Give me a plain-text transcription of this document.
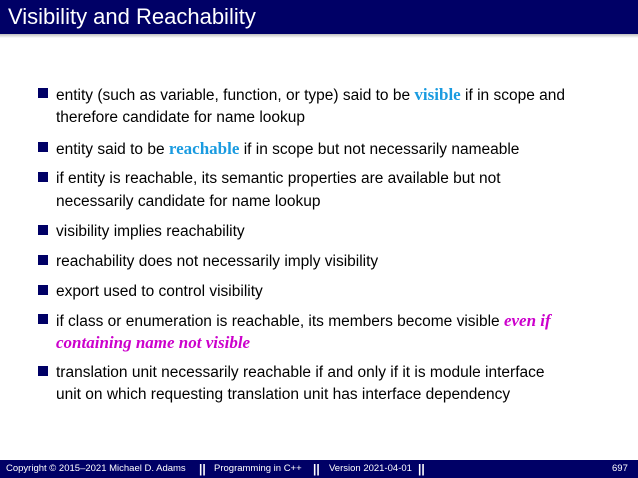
Visibility and Reachability
entity (such as variable, function, or type) said to be visible if in scope and
therefore candidate for name lookup
entity said to be reachable if in scope but not necessarily nameable
if entity is reachable, its semantic properties are available but not
necessarily candidate for name lookup
visibility implies reachability
reachability does not necessarily imply visibility
export used to control visibility
if class or enumeration is reachable, its members become visible even if
containing name not visible
translation unit necessarily reachable if and only if it is module interface
unit on which requesting translation unit has interface dependency
Copyright © 2015–2021 Michael D. Adams || Programming in C++ || Version 2021-04-01 ||	697
